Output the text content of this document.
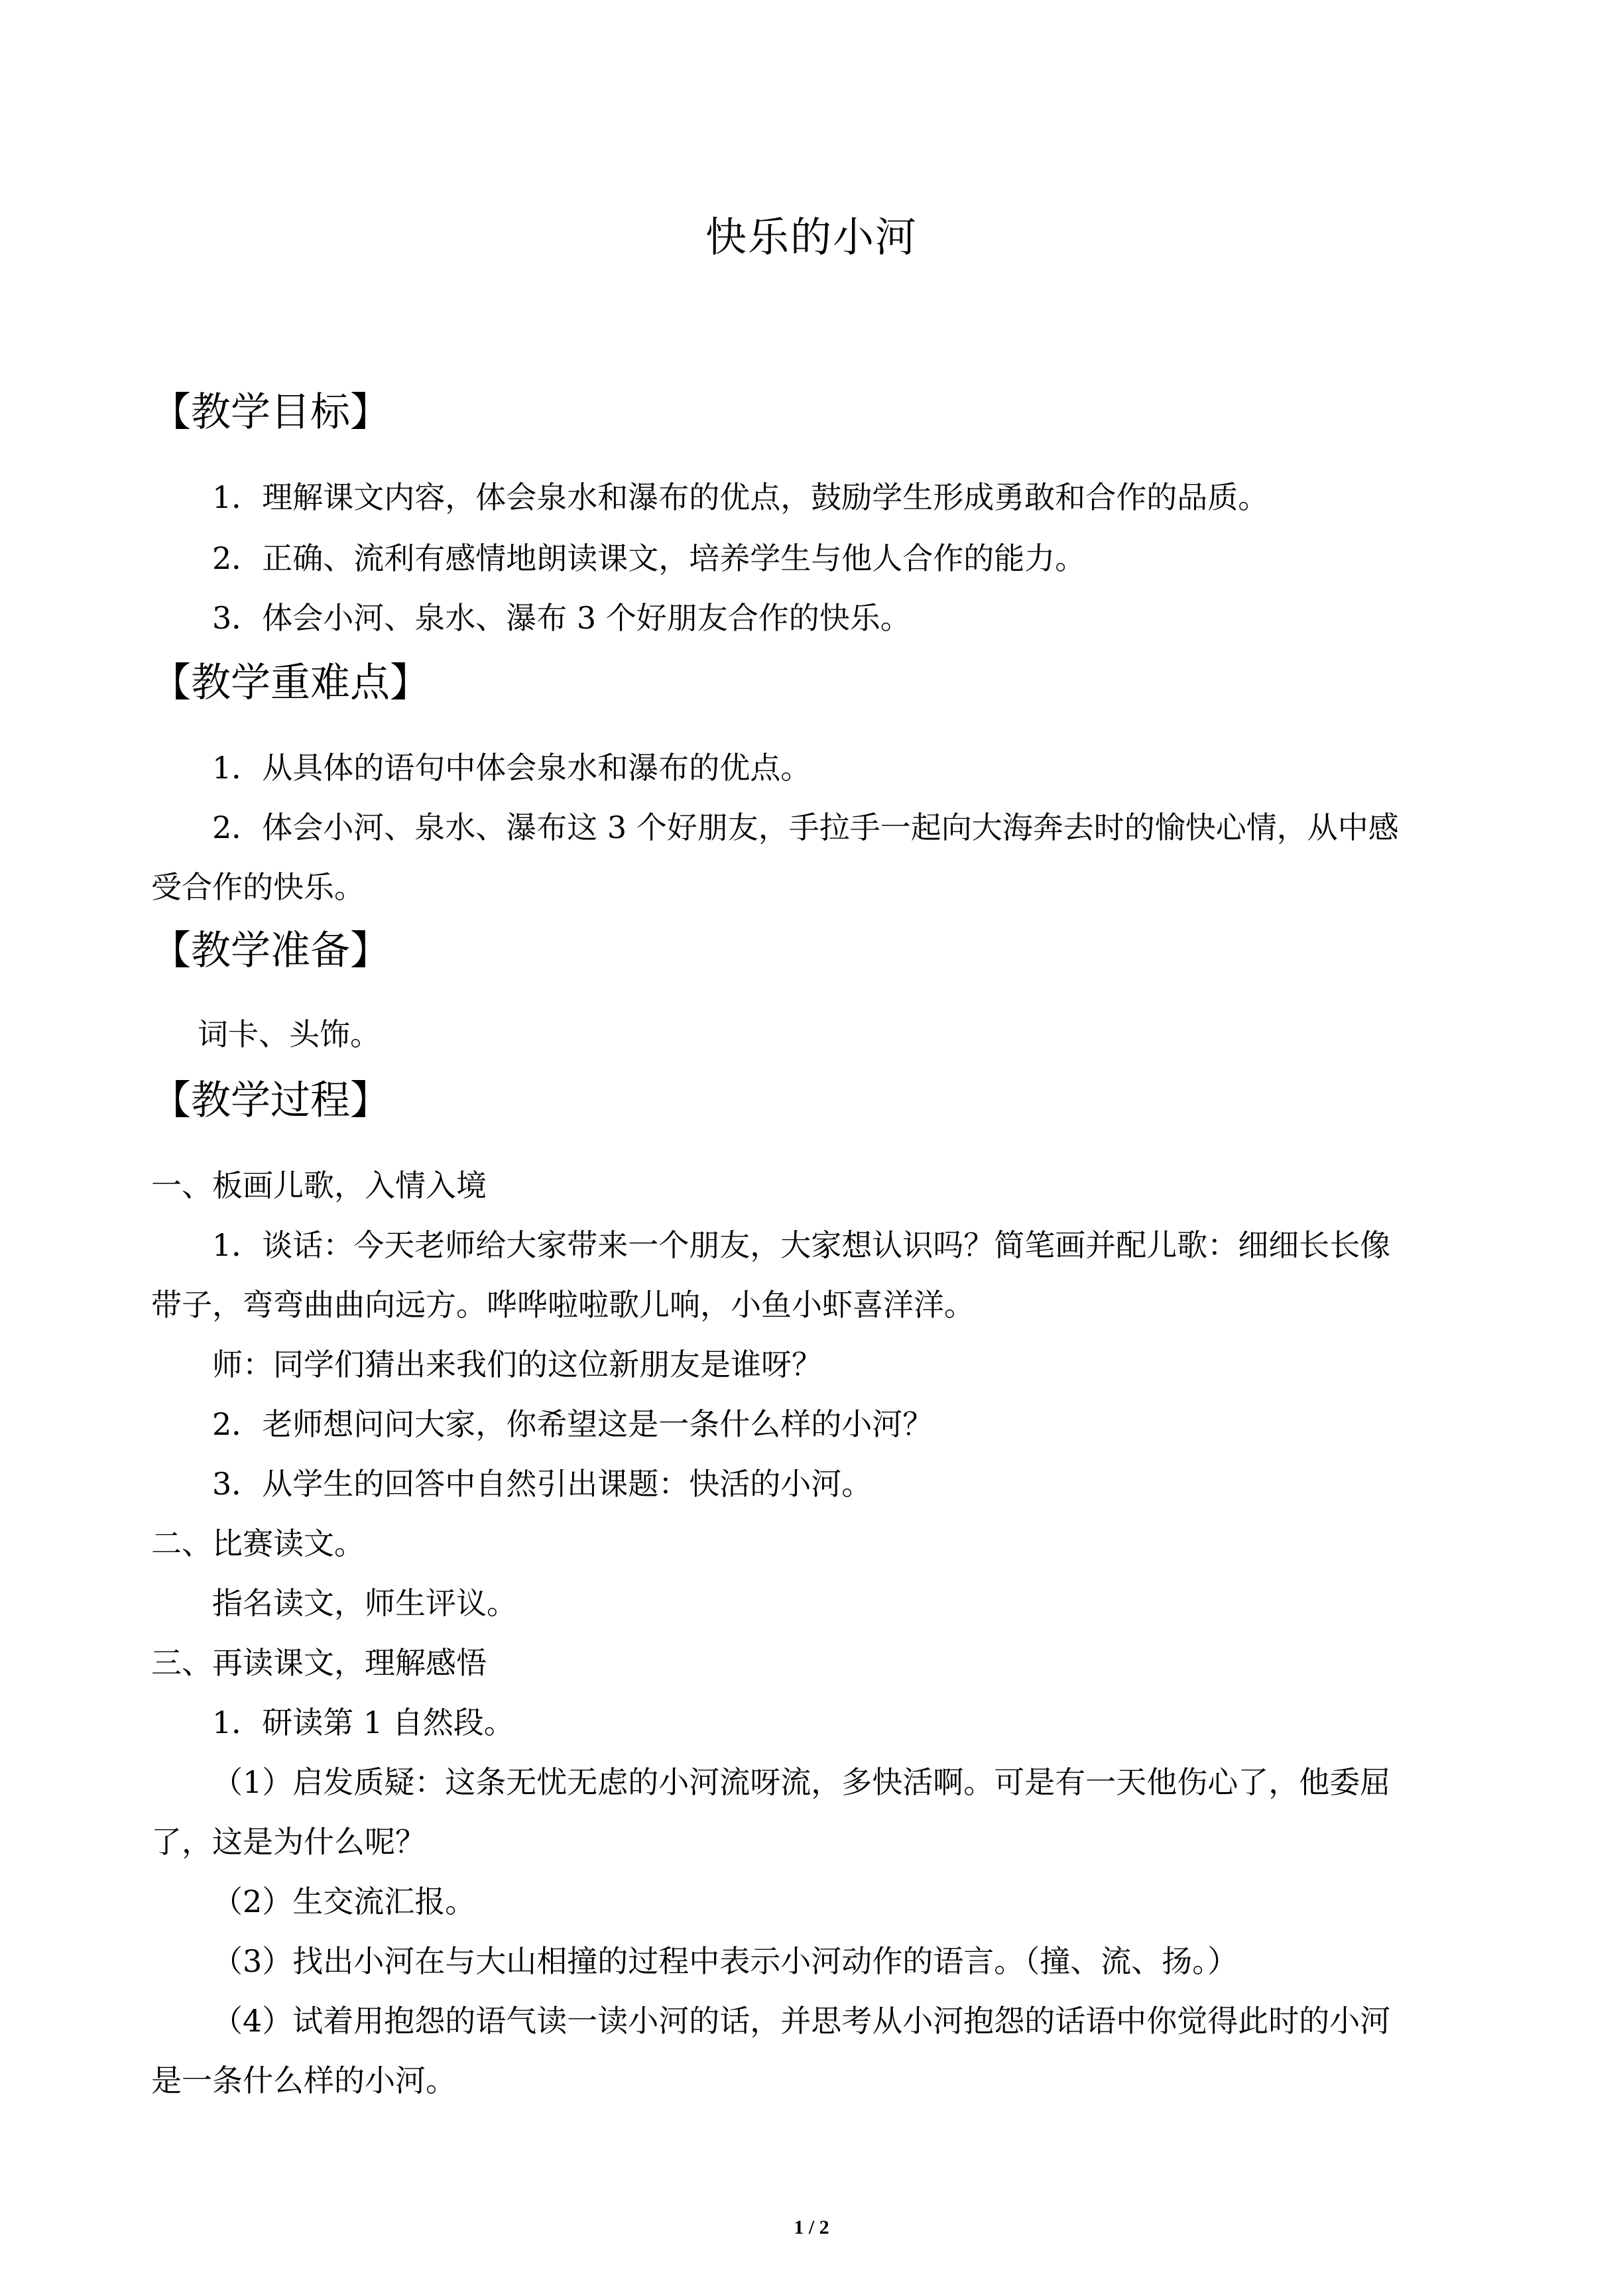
快乐的小河
【教学目标】
1．理解课文内容，体会泉水和瀑布的优点，鼓励学生形成勇敢和合作的品质。
2．正确、流利有感情地朗读课文，培养学生与他人合作的能力。
3．体会小河、泉水、瀑布 3 个好朋友合作的快乐。
【教学重难点】
1．从具体的语句中体会泉水和瀑布的优点。
2．体会小河、泉水、瀑布这 3 个好朋友，手拉手一起向大海奔去时的愉快心情，从中感
受合作的快乐。
【教学准备】
词卡、头饰。
【教学过程】
一、板画儿歌，入情入境
1．谈话：今天老师给大家带来一个朋友，大家想认识吗？简笔画并配儿歌：细细长长像
带子，弯弯曲曲向远方。哗哗啦啦歌儿响，小鱼小虾喜洋洋。
师：同学们猜出来我们的这位新朋友是谁呀？
2．老师想问问大家，你希望这是一条什么样的小河？
3．从学生的回答中自然引出课题：快活的小河。
二、比赛读文。
指名读文，师生评议。
三、再读课文，理解感悟
1．研读第 1 自然段。
（1）启发质疑：这条无忧无虑的小河流呀流，多快活啊。可是有一天他伤心了，他委屈
了，这是为什么呢？
（2）生交流汇报。
（3）找出小河在与大山相撞的过程中表示小河动作的语言。（撞、流、扬。）
（4）试着用抱怨的语气读一读小河的话，并思考从小河抱怨的话语中你觉得此时的小河
是一条什么样的小河。
1 / 2
